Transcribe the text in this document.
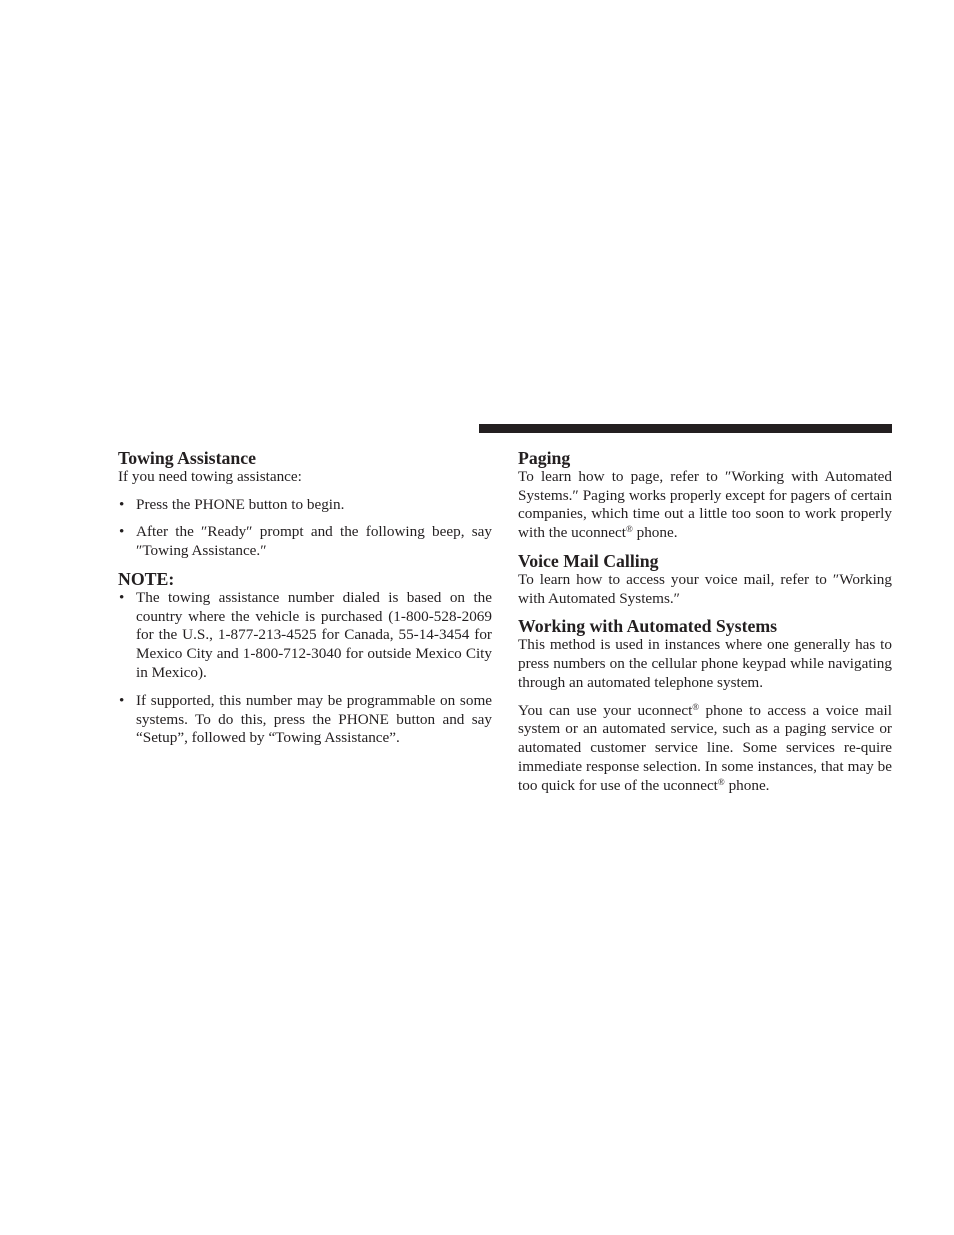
Towing Assistance

If you need towing assistance:

• Press the PHONE button to begin.
• After the ″Ready″ prompt and the following beep, say ″Towing Assistance.″
NOTE:
• The towing assistance number dialed is based on the country where the vehicle is purchased (1-800-528-2069 for the U.S., 1-877-213-4525 for Canada, 55-14-3454 for Mexico City and 1-800-712-3040 for outside Mexico City in Mexico).
• If supported, this number may be programmable on some systems. To do this, press the PHONE button and say “Setup”, followed by “Towing Assistance”.
Paging

To learn how to page, refer to ″Working with Automated Systems.″ Paging works properly except for pagers of certain companies, which time out a little too soon to work properly with the uconnect® phone.

Voice Mail Calling

To learn how to access your voice mail, refer to ″Working with Automated Systems.″

Working with Automated Systems

This method is used in instances where one generally has to press numbers on the cellular phone keypad while navigating through an automated telephone system.

You can use your uconnect® phone to access a voice mail system or an automated service, such as a paging service or automated customer service line. Some services re-quire immediate response selection. In some instances, that may be too quick for use of the uconnect® phone.
